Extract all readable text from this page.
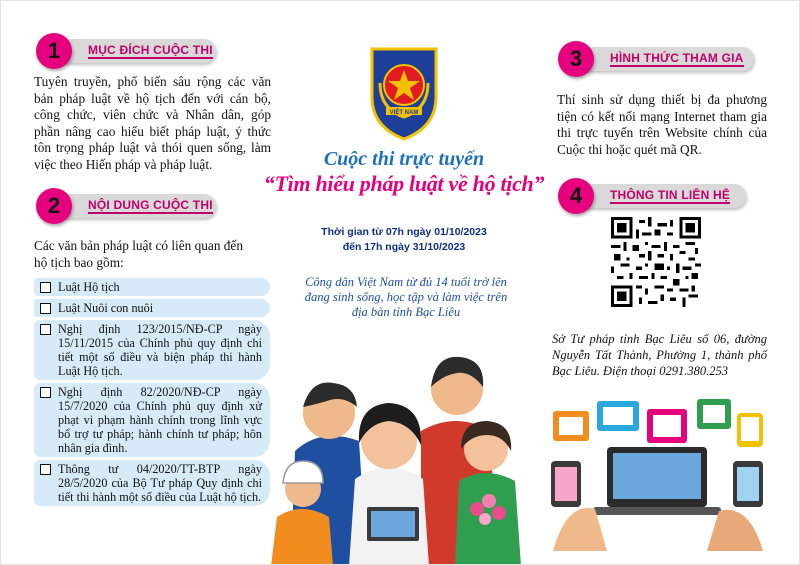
1	MỤC ĐÍCH CUỘC THI
Tuyên truyền, phổ biến sâu rộng các văn bản pháp luật về hộ tịch đến với cán bộ, công chức, viên chức và Nhân dân, góp phần nâng cao hiểu biết pháp luật, ý thức tôn trọng pháp luật và thói quen sống, làm việc theo Hiến pháp và pháp luật.
2	NỘI DUNG CUỘC THI
Các văn bản pháp luật có liên quan đến hộ tịch bao gồm:
Luật Hộ tịch
Luật Nuôi con nuôi
Nghị định 123/2015/NĐ-CP ngày 15/11/2015 của Chính phủ quy định chi tiết một số điều và biện pháp thi hành Luật Hộ tịch.
Nghị định 82/2020/NĐ-CP ngày 15/7/2020 của Chính phủ quy định xử phạt vi phạm hành chính trong lĩnh vực bổ trợ tư pháp; hành chính tư pháp; hôn nhân gia đình.
Thông tư 04/2020/TT-BTP ngày 28/5/2020 của Bộ Tư pháp Quy định chi tiết thi hành một số điều của Luật hộ tịch.
VIỆT NAM
Cuộc thi trực tuyến
“Tìm hiểu pháp luật về hộ tịch”
Thời gian từ 07h ngày 01/10/2023
đến 17h ngày 31/10/2023
Công dân Việt Nam từ đủ 14 tuổi trở lên đang sinh sống, học tập và làm việc trên địa bàn tỉnh Bạc Liêu
3	HÌNH THỨC THAM GIA
Thí sinh sử dụng thiết bị đa phương tiện có kết nối mạng Internet tham gia thi trực tuyến trên Website chính của Cuộc thi hoặc quét mã QR.
4	THÔNG TIN LIÊN HỆ
Sở Tư pháp tỉnh Bạc Liêu số 06, đường Nguyễn Tất Thành, Phường 1, thành phố Bạc Liêu. Điện thoại 0291.380.253
